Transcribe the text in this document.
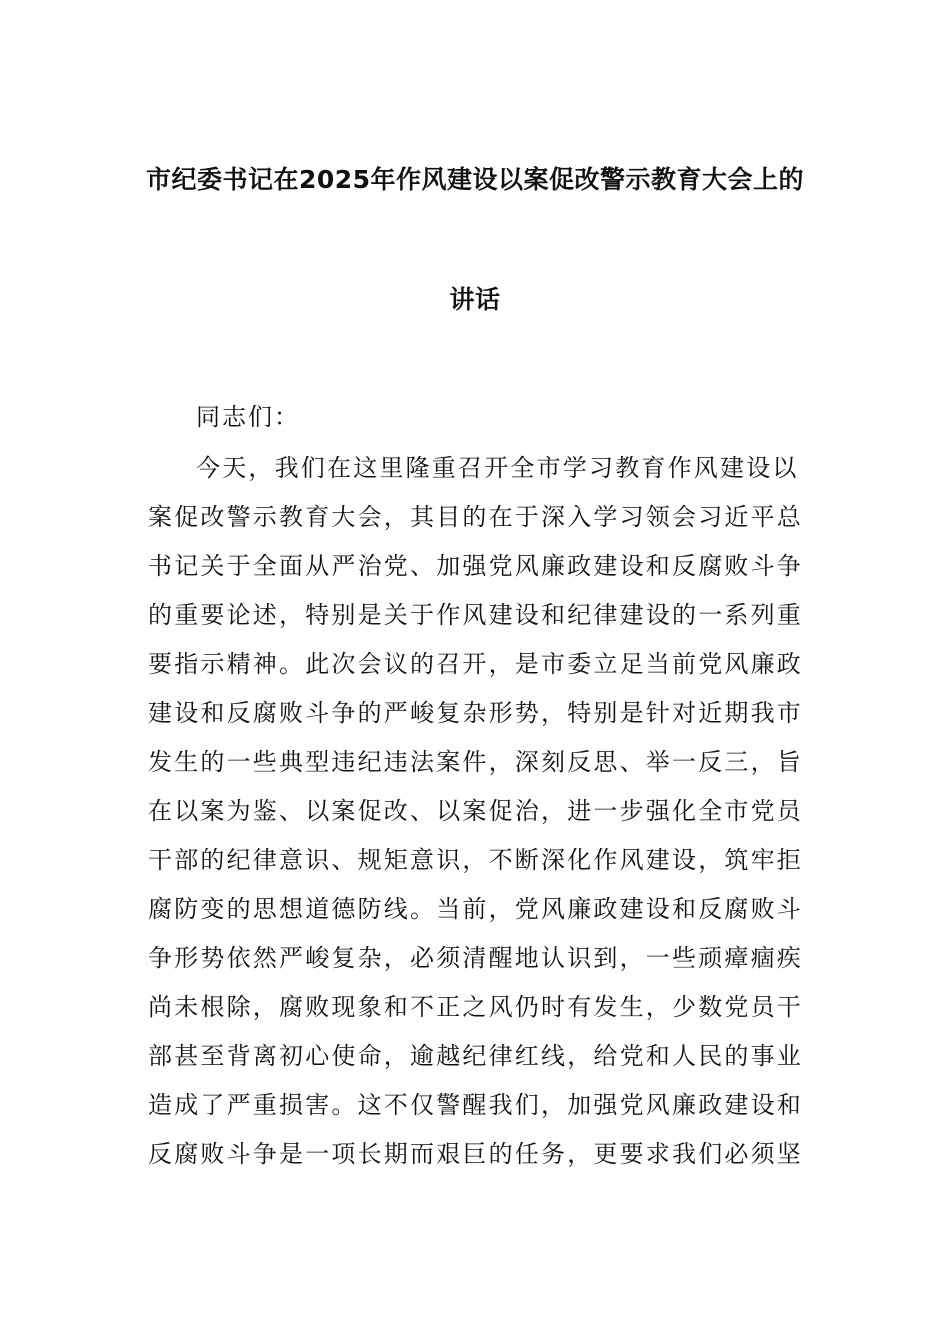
市纪委书记在2025年作风建设以案促改警示教育大会上的
讲话
同志们：
今天，我们在这里隆重召开全市学习教育作风建设以
案促改警示教育大会，其目的在于深入学习领会习近平总
书记关于全面从严治党、加强党风廉政建设和反腐败斗争
的重要论述，特别是关于作风建设和纪律建设的一系列重
要指示精神。此次会议的召开，是市委立足当前党风廉政
建设和反腐败斗争的严峻复杂形势，特别是针对近期我市
发生的一些典型违纪违法案件，深刻反思、举一反三，旨
在以案为鉴、以案促改、以案促治，进一步强化全市党员
干部的纪律意识、规矩意识，不断深化作风建设，筑牢拒
腐防变的思想道德防线。当前，党风廉政建设和反腐败斗
争形势依然严峻复杂，必须清醒地认识到，一些顽瘴痼疾
尚未根除，腐败现象和不正之风仍时有发生，少数党员干
部甚至背离初心使命，逾越纪律红线，给党和人民的事业
造成了严重损害。这不仅警醒我们，加强党风廉政建设和
反腐败斗争是一项长期而艰巨的任务，更要求我们必须坚
